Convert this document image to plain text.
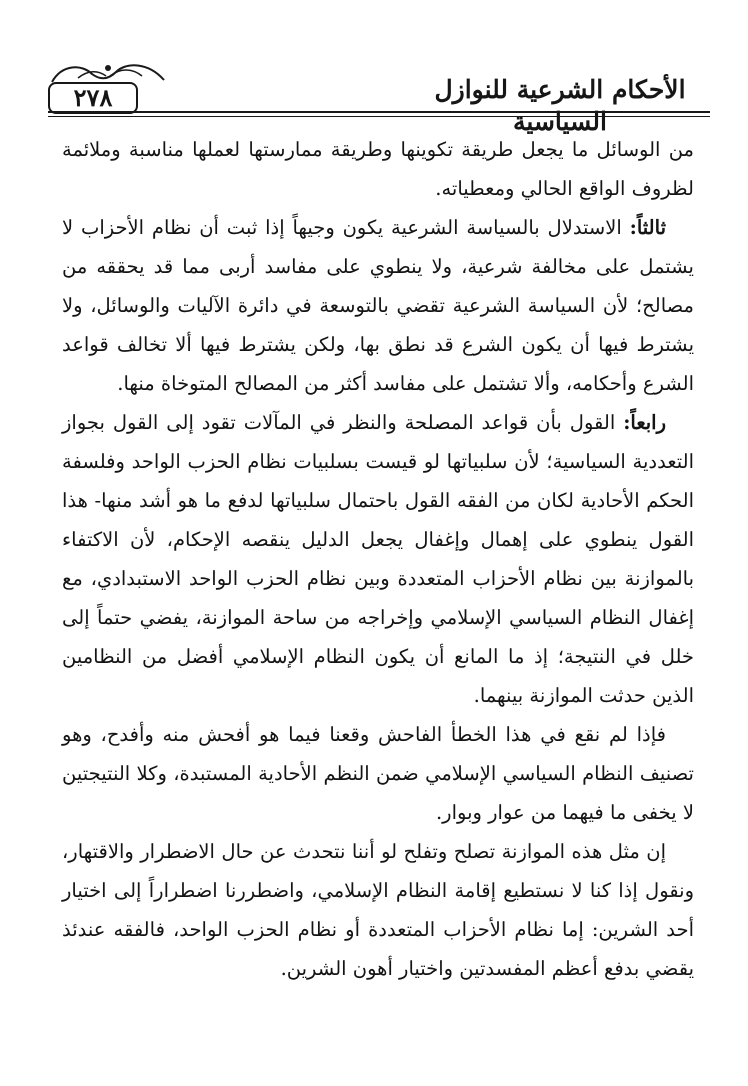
٢٧٨	الأحكام الشرعية للنوازل السياسية

من الوسائل ما يجعل طريقة تكوينها وطريقة ممارستها لعملها مناسبة وملائمة لظروف الواقع الحالي ومعطياته.

ثالثاً: الاستدلال بالسياسة الشرعية يكون وجيهاً إذا ثبت أن نظام الأحزاب لا يشتمل على مخالفة شرعية، ولا ينطوي على مفاسد أربى مما قد يحققه من مصالح؛ لأن السياسة الشرعية تقضي بالتوسعة في دائرة الآليات والوسائل، ولا يشترط فيها أن يكون الشرع قد نطق بها، ولكن يشترط فيها ألا تخالف قواعد الشرع وأحكامه، وألا تشتمل على مفاسد أكثر من المصالح المتوخاة منها.

رابعاً: القول بأن قواعد المصلحة والنظر في المآلات تقود إلى القول بجواز التعددية السياسية؛ لأن سلبياتها لو قيست بسلبيات نظام الحزب الواحد وفلسفة الحكم الأحادية لكان من الفقه القول باحتمال سلبياتها لدفع ما هو أشد منها- هذا القول ينطوي على إهمال وإغفال يجعل الدليل ينقصه الإحكام، لأن الاكتفاء بالموازنة بين نظام الأحزاب المتعددة وبين نظام الحزب الواحد الاستبدادي، مع إغفال النظام السياسي الإسلامي وإخراجه من ساحة الموازنة، يفضي حتماً إلى خلل في النتيجة؛ إذ ما المانع أن يكون النظام الإسلامي أفضل من النظامين الذين حدثت الموازنة بينهما.

فإذا لم نقع في هذا الخطأ الفاحش وقعنا فيما هو أفحش منه وأفدح، وهو تصنيف النظام السياسي الإسلامي ضمن النظم الأحادية المستبدة، وكلا النتيجتين لا يخفى ما فيهما من عوار وبوار.

إن مثل هذه الموازنة تصلح وتفلح لو أننا نتحدث عن حال الاضطرار والاقتهار، ونقول إذا كنا لا نستطيع إقامة النظام الإسلامي، واضطررنا اضطراراً إلى اختيار أحد الشرين: إما نظام الأحزاب المتعددة أو نظام الحزب الواحد، فالفقه عندئذ يقضي بدفع أعظم المفسدتين واختيار أهون الشرين.
